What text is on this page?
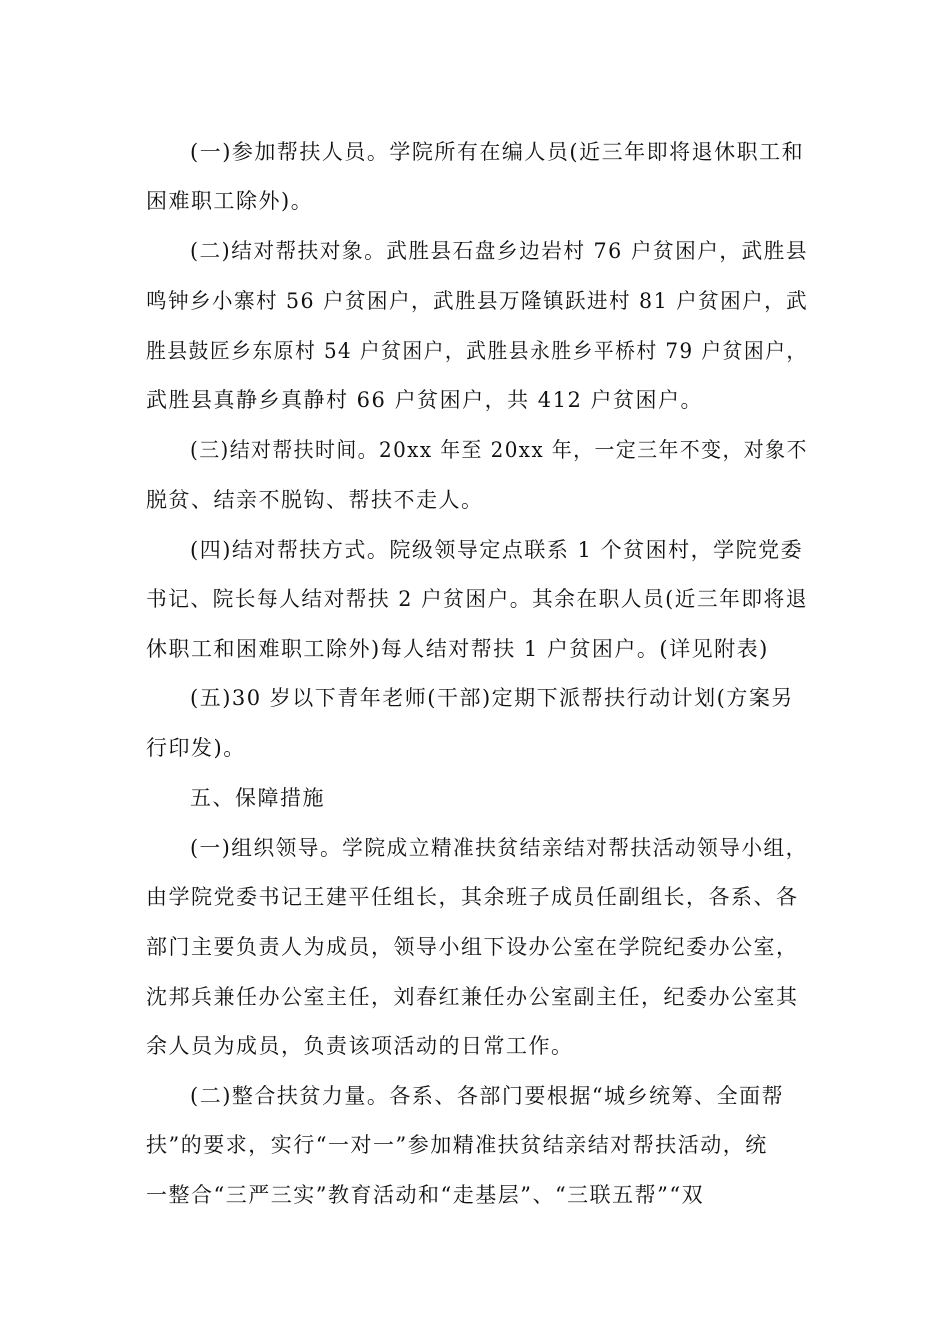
(一)参加帮扶人员。学院所有在编人员(近三年即将退休职工和
困难职工除外)。
(二)结对帮扶对象。武胜县石盘乡边岩村 76 户贫困户，武胜县
鸣钟乡小寨村 56 户贫困户，武胜县万隆镇跃进村 81 户贫困户，武
胜县鼓匠乡东原村 54 户贫困户，武胜县永胜乡平桥村 79 户贫困户，
武胜县真静乡真静村 66 户贫困户，共 412 户贫困户。
(三)结对帮扶时间。20xx 年至 20xx 年，一定三年不变，对象不
脱贫、结亲不脱钩、帮扶不走人。
(四)结对帮扶方式。院级领导定点联系 1 个贫困村，学院党委
书记、院长每人结对帮扶 2 户贫困户。其余在职人员(近三年即将退
休职工和困难职工除外)每人结对帮扶 1 户贫困户。(详见附表)
(五)30 岁以下青年老师(干部)定期下派帮扶行动计划(方案另
行印发)。
五、保障措施
(一)组织领导。学院成立精准扶贫结亲结对帮扶活动领导小组，
由学院党委书记王建平任组长，其余班子成员任副组长，各系、各
部门主要负责人为成员，领导小组下设办公室在学院纪委办公室，
沈邦兵兼任办公室主任，刘春红兼任办公室副主任，纪委办公室其
余人员为成员，负责该项活动的日常工作。
(二)整合扶贫力量。各系、各部门要根据“城乡统筹、全面帮
扶”的要求，实行“一对一”参加精准扶贫结亲结对帮扶活动，统
一整合“三严三实”教育活动和“走基层”、“三联五帮”“双
